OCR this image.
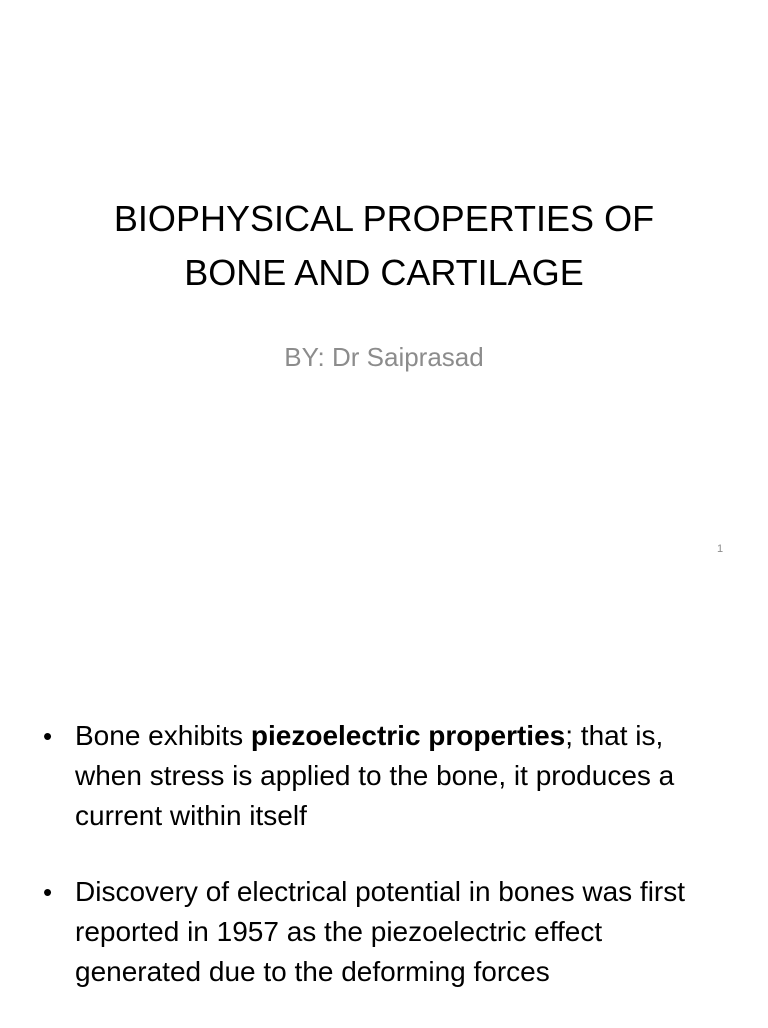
BIOPHYSICAL PROPERTIES OF
BONE AND CARTILAGE
BY: Dr Saiprasad
1
• Bone exhibits piezoelectric properties; that is, when stress is applied to the bone, it produces a current within itself
• Discovery of electrical potential in bones was first reported in 1957 as the piezoelectric effect generated due to the deforming forces
